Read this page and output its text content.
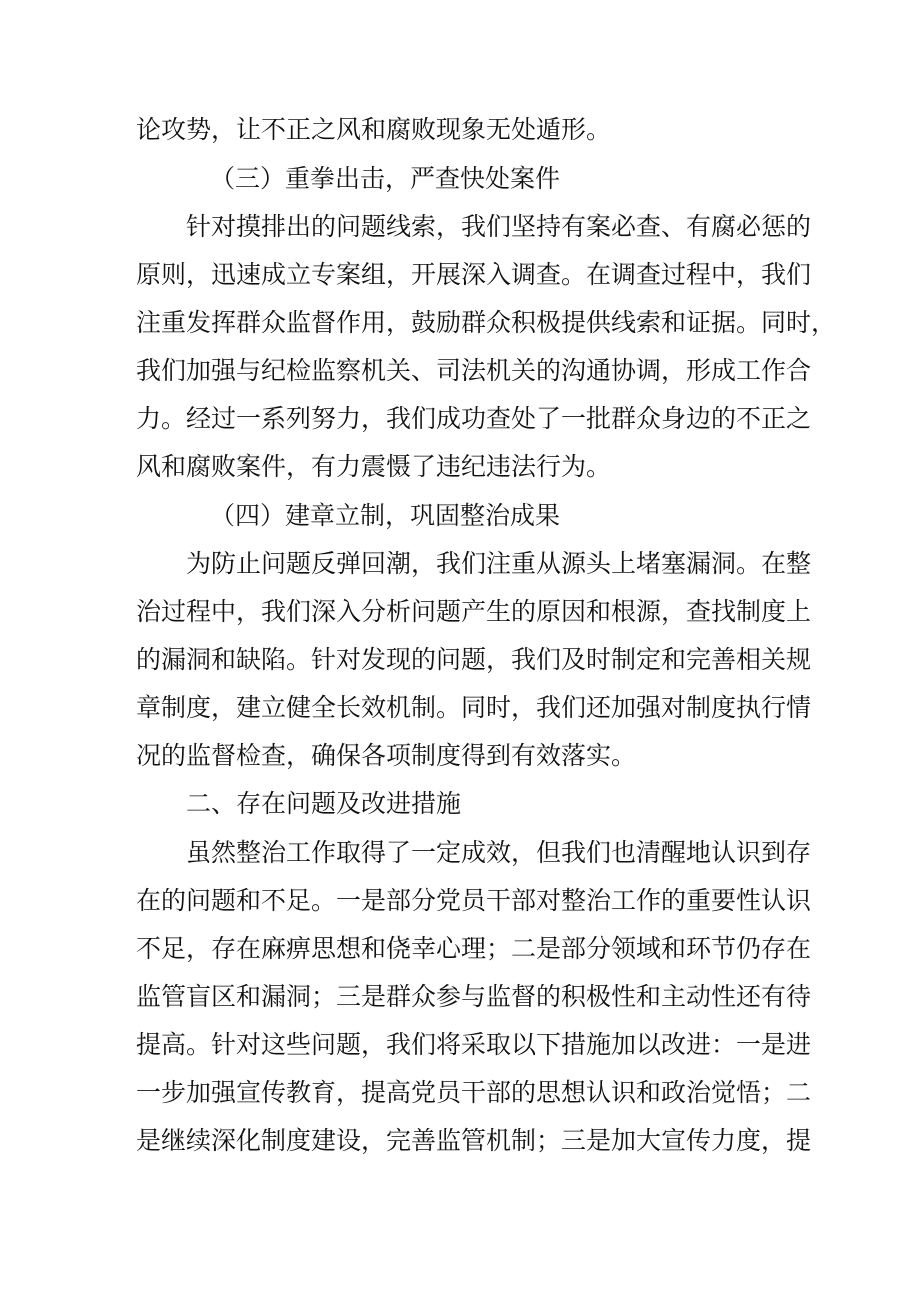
论攻势，让不正之风和腐败现象无处遁形。
（三）重拳出击，严查快处案件
针对摸排出的问题线索，我们坚持有案必查、有腐必惩的
原则，迅速成立专案组，开展深入调查。在调查过程中，我们
注重发挥群众监督作用，鼓励群众积极提供线索和证据。同时，
我们加强与纪检监察机关、司法机关的沟通协调，形成工作合
力。经过一系列努力，我们成功查处了一批群众身边的不正之
风和腐败案件，有力震慑了违纪违法行为。
（四）建章立制，巩固整治成果
为防止问题反弹回潮，我们注重从源头上堵塞漏洞。在整
治过程中，我们深入分析问题产生的原因和根源，查找制度上
的漏洞和缺陷。针对发现的问题，我们及时制定和完善相关规
章制度，建立健全长效机制。同时，我们还加强对制度执行情
况的监督检查，确保各项制度得到有效落实。
二、存在问题及改进措施
虽然整治工作取得了一定成效，但我们也清醒地认识到存
在的问题和不足。一是部分党员干部对整治工作的重要性认识
不足，存在麻痹思想和侥幸心理；二是部分领域和环节仍存在
监管盲区和漏洞；三是群众参与监督的积极性和主动性还有待
提高。针对这些问题，我们将采取以下措施加以改进：一是进
一步加强宣传教育，提高党员干部的思想认识和政治觉悟；二
是继续深化制度建设，完善监管机制；三是加大宣传力度，提
